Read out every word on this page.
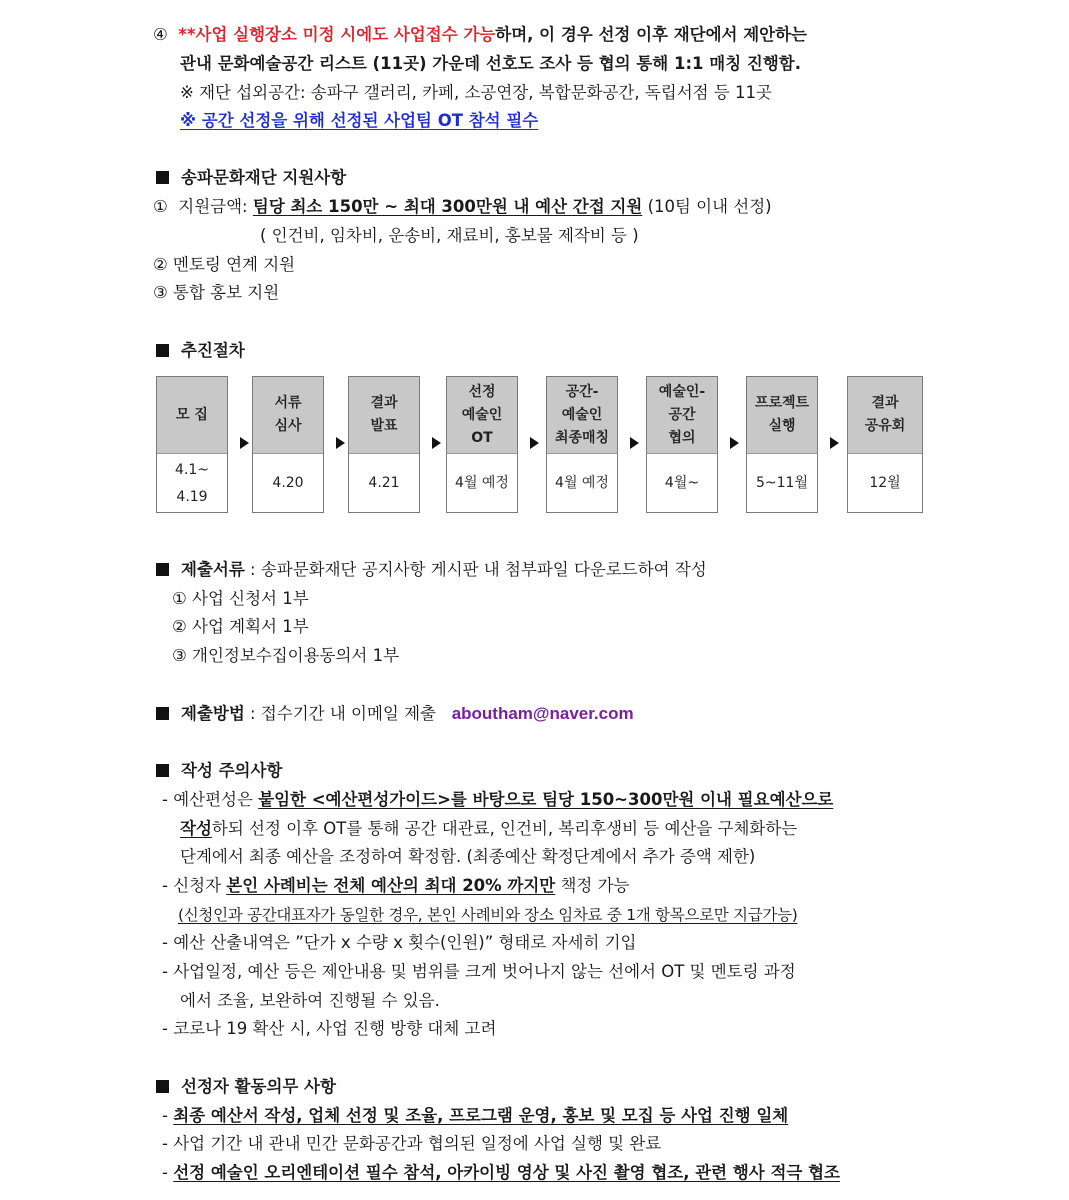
④ **사업 실행장소 미정 시에도 사업접수 가능하며, 이 경우 선정 이후 재단에서 제안하는
관내 문화예술공간 리스트 (11곳) 가운데 선호도 조사 등 협의 통해 1:1 매칭 진행함.
※ 재단 섭외공간: 송파구 갤러리, 카페, 소공연장, 복합문화공간, 독립서점 등 11곳
※ 공간 선정을 위해 선정된 사업팀 OT 참석 필수
송파문화재단 지원사항
① 지원금액: 팀당 최소 150만 ~ 최대 300만원 내 예산 간접 지원 (10팀 이내 선정)
( 인건비, 임차비, 운송비, 재료비, 홍보물 제작비 등 )
② 멘토링 연계 지원
③ 통합 홍보 지원
추진절차
모 집
4.1~
4.19
서류
심사
4.20
결과
발표
4.21
선정
예술인
OT
4월 예정
공간-
예술인
최종매칭
4월 예정
예술인-
공간
협의
4월~
프로젝트
실행
5~11월
결과
공유회
12월
제출서류 : 송파문화재단 공지사항 게시판 내 첨부파일 다운로드하여 작성
① 사업 신청서 1부
② 사업 계획서 1부
③ 개인정보수집이용동의서 1부
제출방법 : 접수기간 내 이메일 제출 aboutham@naver.com
작성 주의사항
- 예산편성은 붙임한 <예산편성가이드>를 바탕으로 팀당 150~300만원 이내 필요예산으로
작성하되 선정 이후 OT를 통해 공간 대관료, 인건비, 복리후생비 등 예산을 구체화하는
단계에서 최종 예산을 조정하여 확정함. (최종예산 확정단계에서 추가 증액 제한)
- 신청자 본인 사례비는 전체 예산의 최대 20% 까지만 책정 가능
(신청인과 공간대표자가 동일한 경우, 본인 사례비와 장소 임차료 중 1개 항목으로만 지급가능)
- 예산 산출내역은 ”단가 x 수량 x 횟수(인원)” 형태로 자세히 기입
- 사업일정, 예산 등은 제안내용 및 범위를 크게 벗어나지 않는 선에서 OT 및 멘토링 과정
에서 조율, 보완하여 진행될 수 있음.
- 코로나 19 확산 시, 사업 진행 방향 대체 고려
선정자 활동의무 사항
- 최종 예산서 작성, 업체 선정 및 조율, 프로그램 운영, 홍보 및 모집 등 사업 진행 일체
- 사업 기간 내 관내 민간 문화공간과 협의된 일정에 사업 실행 및 완료
- 선정 예술인 오리엔테이션 필수 참석, 아카이빙 영상 및 사진 촬영 협조, 관련 행사 적극 협조
